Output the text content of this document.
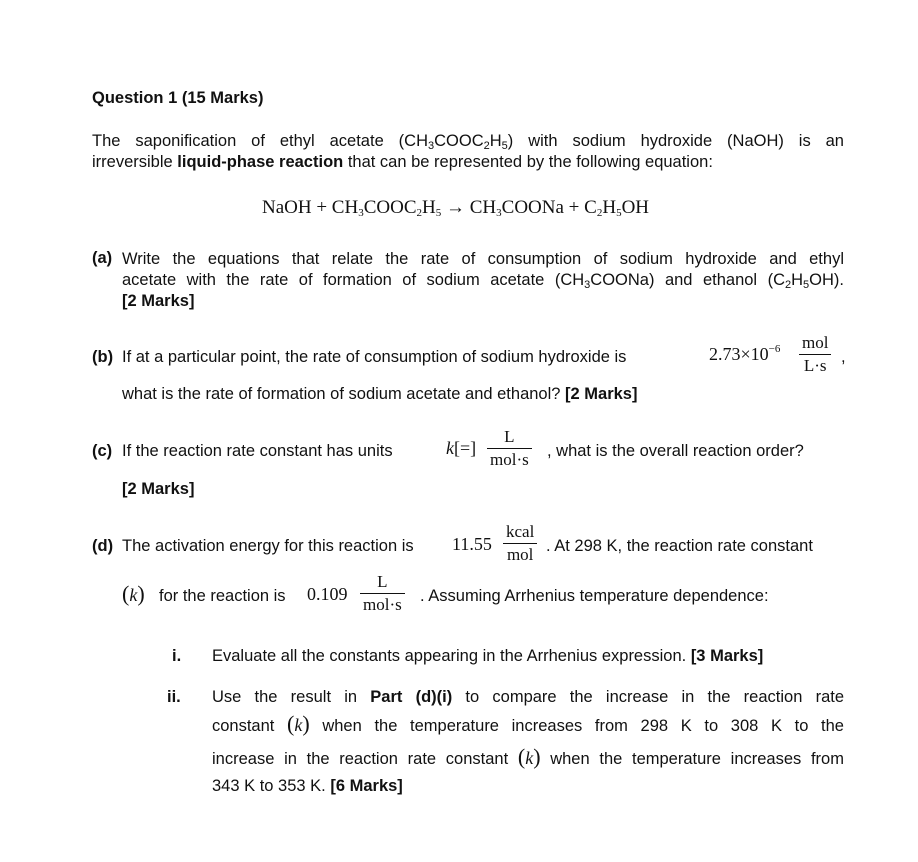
Question 1 (15 Marks)
The saponification of ethyl acetate $(CH_3COOC_2H_5)$ with sodium hydroxide (NaOH) is an
irreversible liquid-phase reaction that can be represented by the following equation:
NaOH + $CH_3COOC_2H_5$ → $CH_3COONa + C_2H_5OH$
(a) Write the equations that relate the rate of consumption of sodium hydroxide and ethyl
acetate with the rate of formation of sodium acetate $(CH_3COONa)$ and ethanol $(C_2H_5OH)$.
[2 Marks]
(b) If at a particular point, the rate of consumption of sodium hydroxide is	$2.73\times 10^{-6}$ mol
L·s ,
what is the rate of formation of sodium acetate and ethanol? [2 Marks]
(c) If the reaction rate constant has units	k[=]
L
mol·s , what is the overall reaction order?
[2 Marks]
(d) The activation energy for this reaction is 11.55
kcal
mol . At 298 K, the reaction rate constant
(k) for the reaction is 0.109
L
mol·s . Assuming Arrhenius temperature dependence:
i. Evaluate all the constants appearing in the Arrhenius expression. [3 Marks]
ii. Use the result in Part (d)(i) to compare the increase in the reaction rate
constant (k) when the temperature increases from 298 K to 308 K to the
increase in the reaction rate constant (k) when the temperature increases from
343 K to 353 K. [6 Marks]
